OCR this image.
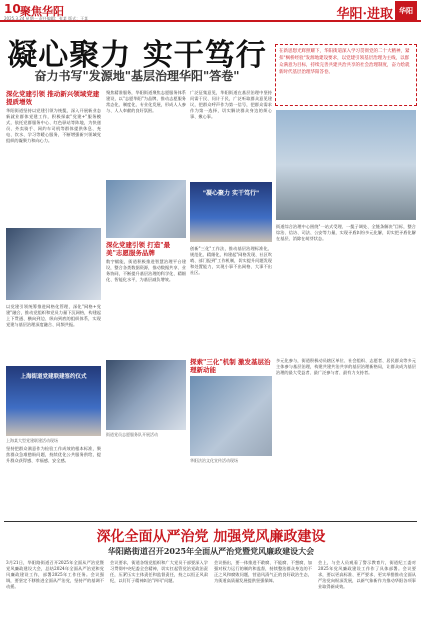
10 聚焦华阳	华阳·进取 华阳
2025.3.24 星期一 责任编辑：张某 版式：王某
凝心聚力 实干笃行
奋力书写"发源地"基层治理华阳"答卷"
在新思想光辉照耀下，华阳街道深入学习贯彻党的二十大精神，紧扣"枫桥经验"发源地建设要求，以党建引领基层治理为主线，以群众满意为目标，持续完善共建共治共享的社会治理制度，奋力绘就新时代基层治理华阳答卷。
深化党建引领 推动新兴领域党建提质增效
华阳街道坚持以党建引领为统揽，深入开展新业态新就业群体党建工作，积极探索"党建+"服务模式，依托党群服务中心、红色驿站等阵地，为快递员、外卖骑手、网约车司机等群体提供休息、充电、饮水、学习等暖心服务，不断增强新兴领域党组织的凝聚力和向心力。
以党建引领统筹推进网格化管理，深化"网格+党建"融合，推动党组织和党员力量下沉网格，构建起上下贯通、横向到边、纵向到底的组织体系，实现党建与基层治理深度融合、同频共振。
上海街道党建联建签约仪式
上海某大型党建联建活动现场
坚持把群众满意作为检验工作成效的根本标准，聚焦群众急难愁盼问题，持续优化公共服务供给，提升群众获得感、幸福感、安全感。
聚焦精准服务，华阳街道聚焦志愿服务体系建设，以"志愿华阳"为品牌，推动志愿服务常态化、制度化、专业化发展，形成人人参与、人人奉献的良好氛围。
深化党建引领 打造"最美"志愿服务品牌
数字赋能，街道积极推进智慧治理平台建设，整合各类数据资源，推动数据共享、业务协同，不断提升基层治理的科学化、精细化、智能化水平，为基层减负增效。
街道党员志愿服务队开展活动
广泛征集意见，华阳街道在基层治理中坚持问需于民、问计于民，广泛听取群众意见建议，把群众呼声作为第一信号，把群众需求作为第一选择，切实解决群众身边的烦心事、揪心事。
"凝心聚力 实干笃行"
创新"三化"工作法，推动基层治理标准化、规范化、精细化，构建起"网格发现、社区吹哨、部门报到"工作机制，切实提升问题发现和处置能力，实现小事不出网格、大事不出社区。
探索"三化"机制 激发基层治理新动能
华阳法治文化宣传活动现场
街道综合治理中心围绕"一站式受理、一揽子调处、全链条解决"目标，整合综治、信访、司法、公安等力量，实现矛盾纠纷多元化解，切实把矛盾化解在基层、消除在萌芽状态。
多元化参与，街道积极动员辖区单位、社会组织、志愿者、居民群众等多元主体参与基层治理，构建共建共治共享的基层治理新格局，让群众成为基层治理的最大受益者、最广泛参与者、最有力支持者。
深化全面从严治党 加强党风廉政建设
华阳路街道召开2025年全面从严治党暨党风廉政建设大会
3月21日，华阳路街道召开2025年全面从严治党暨党风廉政建设大会，总结2024年全面从严治党和党风廉政建设工作，部署2025年工作任务。会议强调，要坚定不移推进全面从严治党，坚持严的基调不动摇。
会议要求，街道各级党组织和广大党员干部要深入学习贯彻中央纪委全会精神，切实扛起管党治党政治责任，压紧压实主体责任和监督责任，持之以恒正风肃纪，以钉钉子精神纠治"四风"问题。
会议指出，要一体推进不敢腐、不能腐、不想腐，加强对权力运行的制约和监督，持续整治群众身边的不正之风和腐败问题，营造风清气正的良好政治生态，为街道高质量发展提供坚强保障。
会上，与会人员观看了警示教育片，街道纪工委对2025年党风廉政建设工作作了具体部署。会议要求，要以更高标准、更严要求、更实举措推动全面从严治党向纵深发展，以新气象新作为推动华阳各项事业取得新成效。
